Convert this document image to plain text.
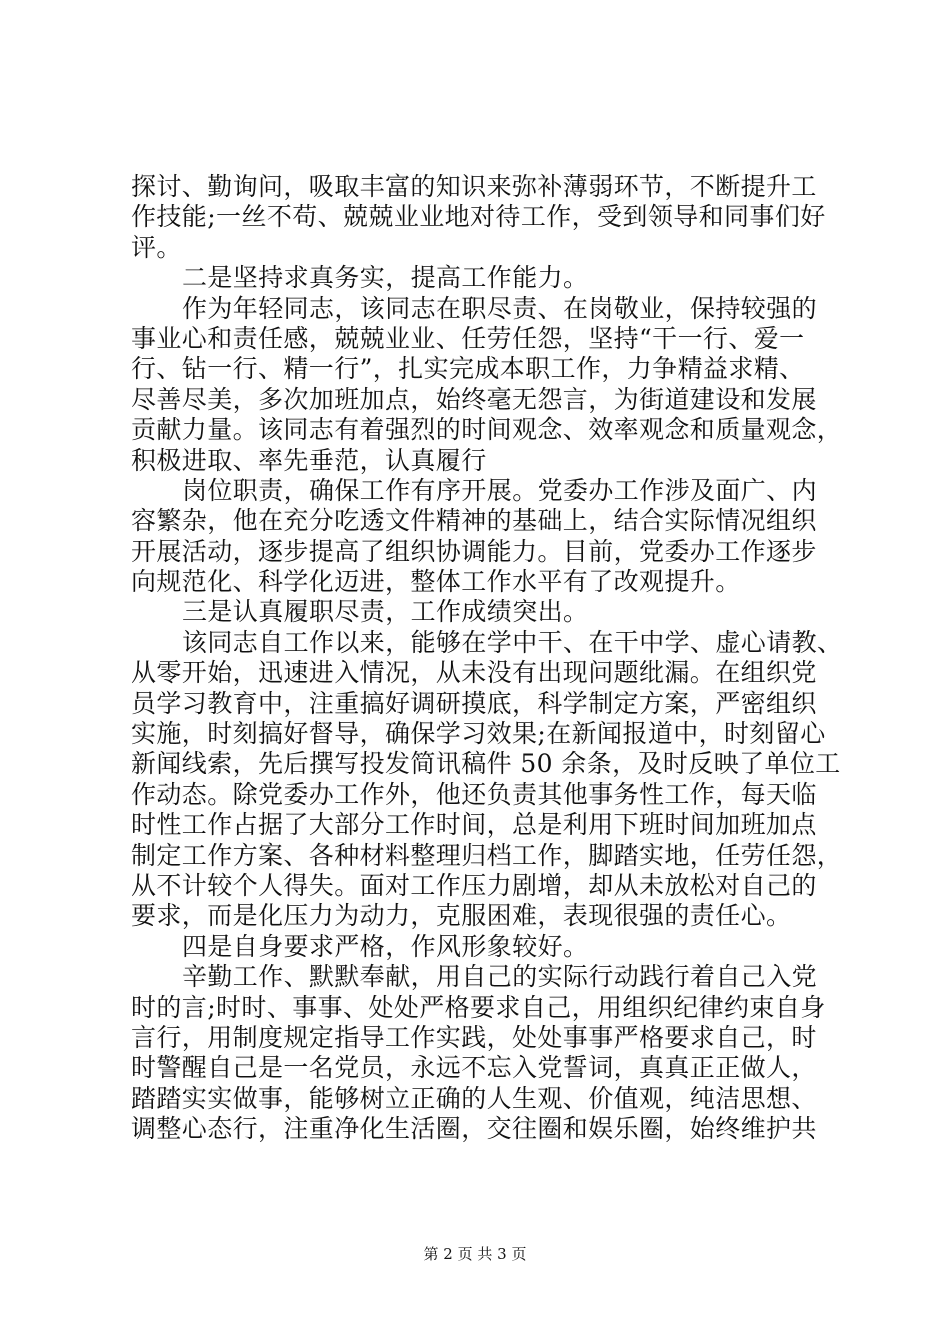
探讨、勤询问，吸取丰富的知识来弥补薄弱环节，不断提升工
作技能;一丝不苟、兢兢业业地对待工作，受到领导和同事们好
评。
二是坚持求真务实，提高工作能力。
作为年轻同志，该同志在职尽责、在岗敬业，保持较强的
事业心和责任感，兢兢业业、任劳任怨，坚持“干一行、爱一
行、钻一行、精一行”，扎实完成本职工作，力争精益求精、
尽善尽美，多次加班加点，始终毫无怨言，为街道建设和发展
贡献力量。该同志有着强烈的时间观念、效率观念和质量观念，
积极进取、率先垂范，认真履行
岗位职责，确保工作有序开展。党委办工作涉及面广、内
容繁杂，他在充分吃透文件精神的基础上，结合实际情况组织
开展活动，逐步提高了组织协调能力。目前，党委办工作逐步
向规范化、科学化迈进，整体工作水平有了改观提升。
三是认真履职尽责，工作成绩突出。
该同志自工作以来，能够在学中干、在干中学、虚心请教、
从零开始，迅速进入情况，从未没有出现问题纰漏。在组织党
员学习教育中，注重搞好调研摸底，科学制定方案，严密组织
实施，时刻搞好督导，确保学习效果;在新闻报道中，时刻留心
新闻线索，先后撰写投发简讯稿件 50 余条，及时反映了单位工
作动态。除党委办工作外，他还负责其他事务性工作，每天临
时性工作占据了大部分工作时间，总是利用下班时间加班加点
制定工作方案、各种材料整理归档工作，脚踏实地，任劳任怨，
从不计较个人得失。面对工作压力剧增，却从未放松对自己的
要求，而是化压力为动力，克服困难，表现很强的责任心。
四是自身要求严格，作风形象较好。
辛勤工作、默默奉献，用自己的实际行动践行着自己入党
时的言;时时、事事、处处严格要求自己，用组织纪律约束自身
言行，用制度规定指导工作实践，处处事事严格要求自己，时
时警醒自己是一名党员，永远不忘入党誓词，真真正正做人，
踏踏实实做事，能够树立正确的人生观、价值观，纯洁思想、
调整心态行，注重净化生活圈，交往圈和娱乐圈，始终维护共
第 2 页 共 3 页
